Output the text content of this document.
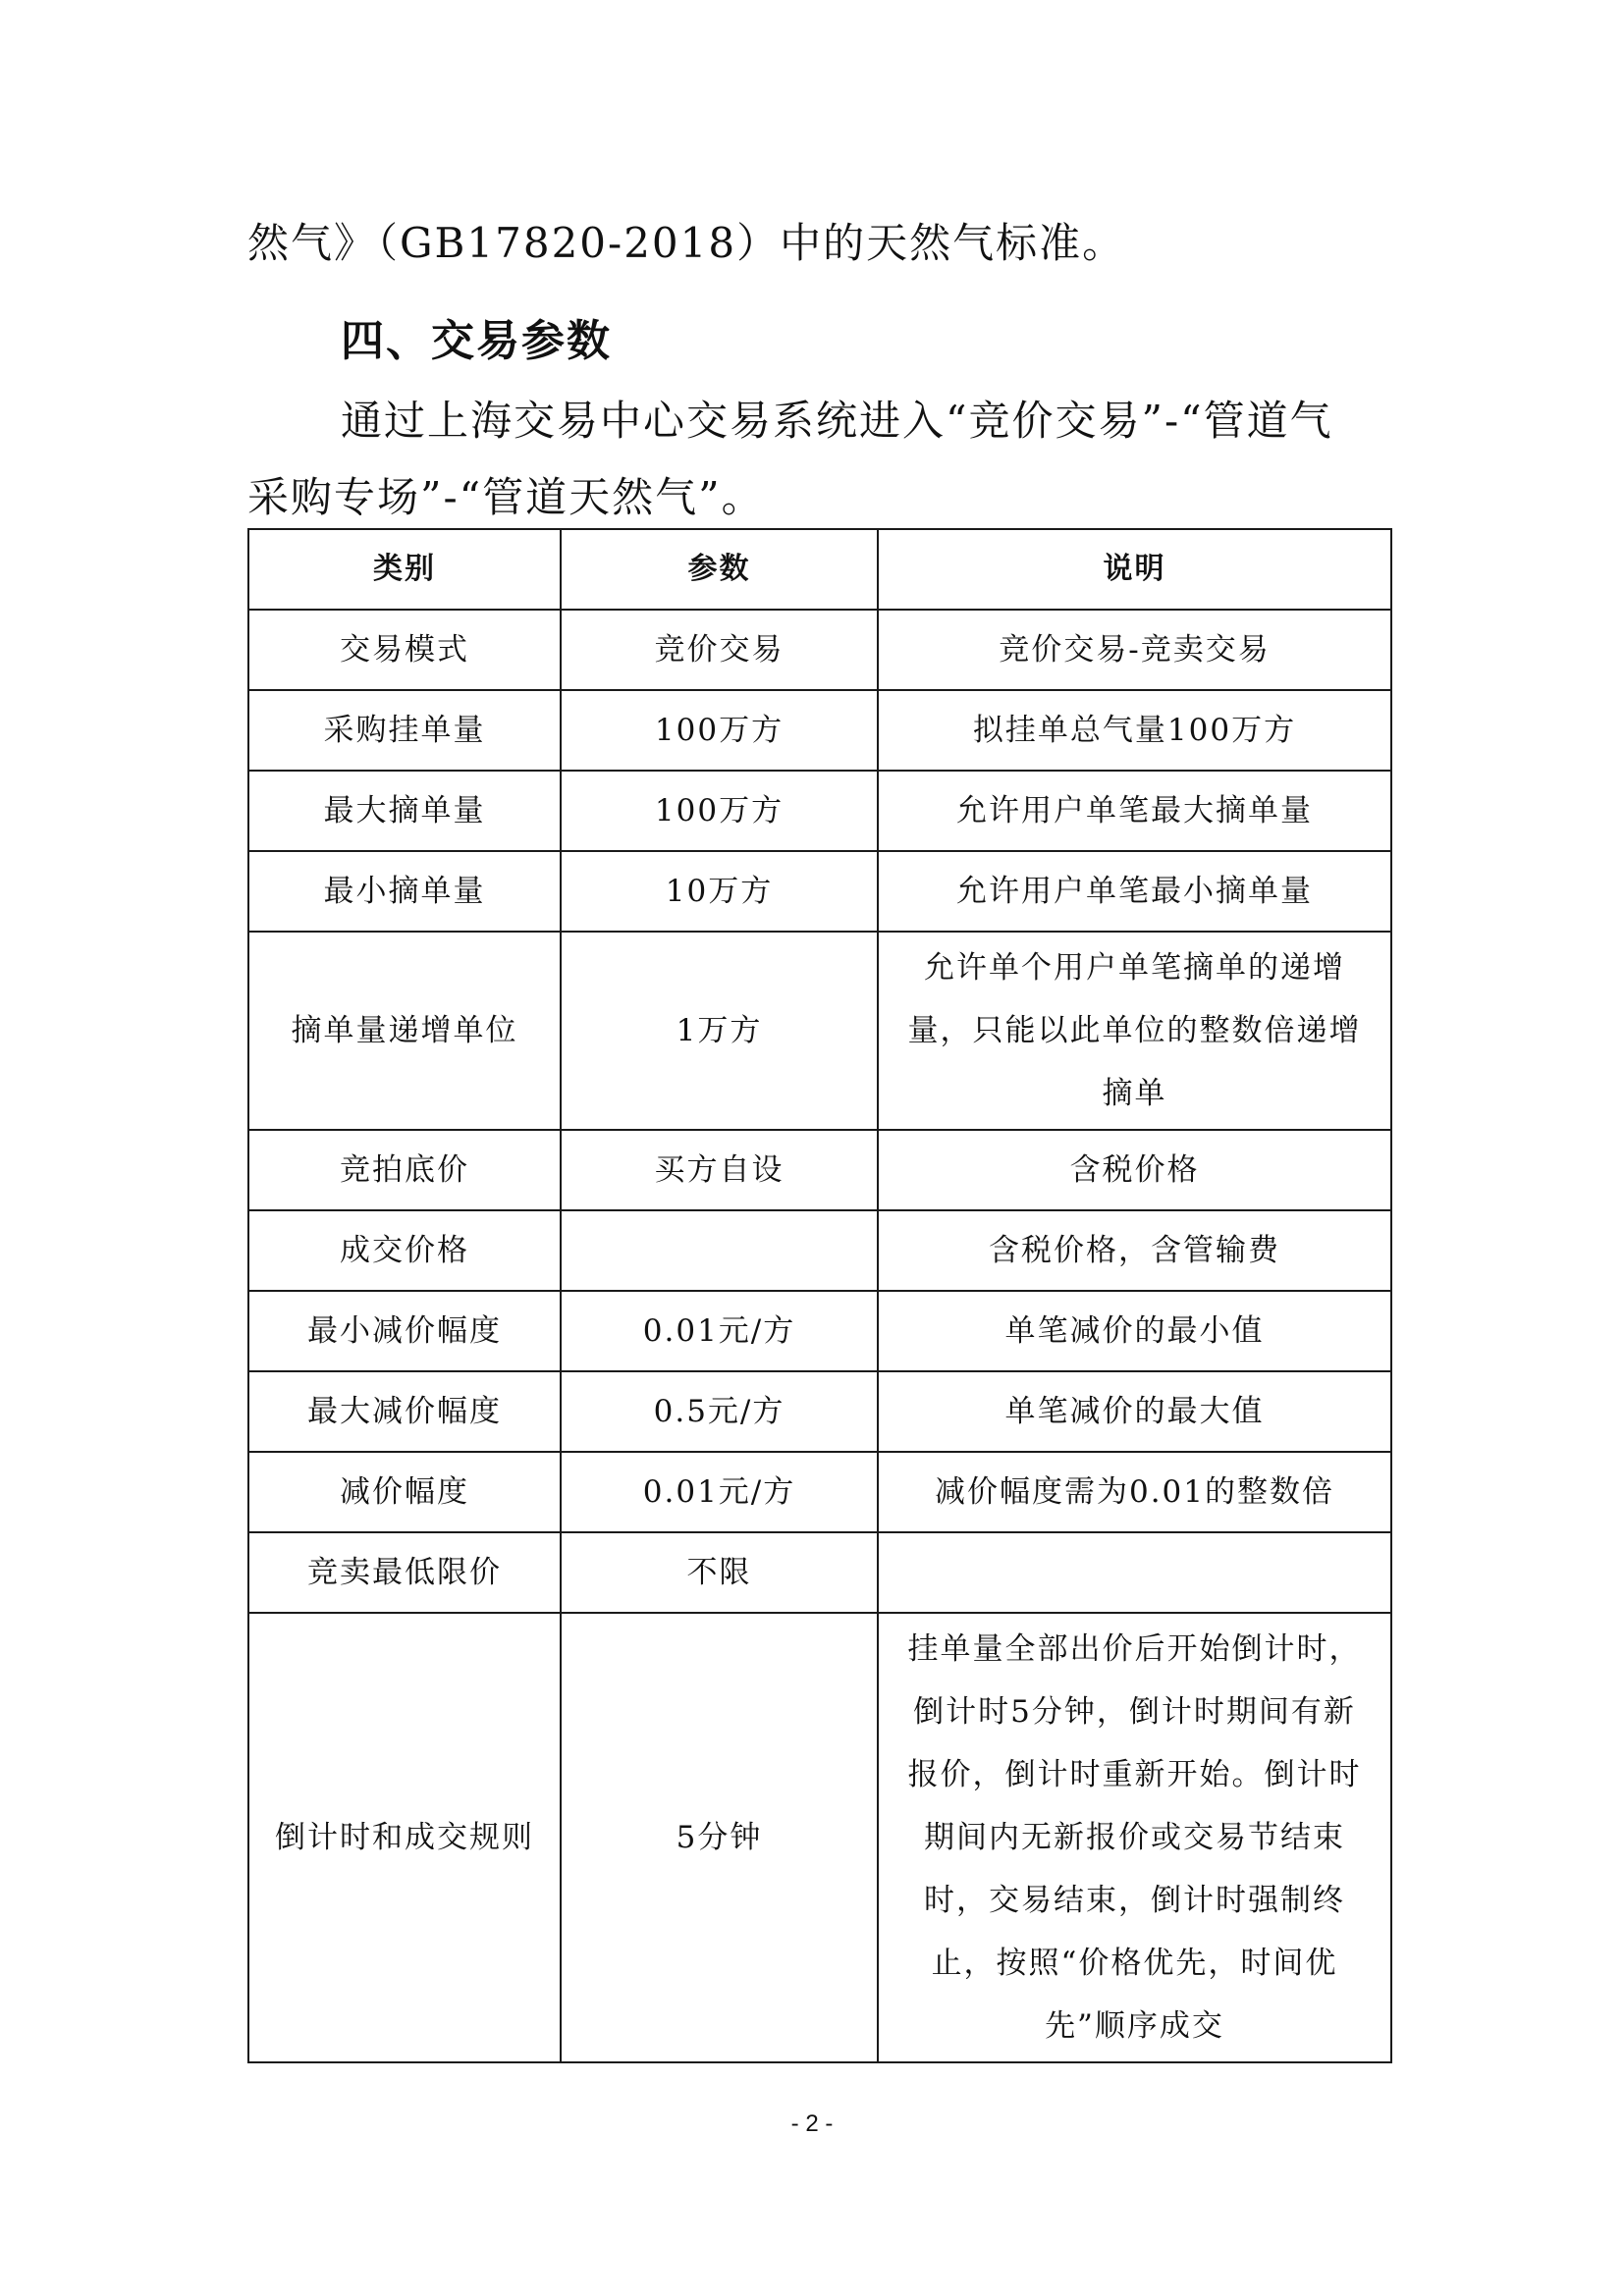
然气》（GB17820-2018）中的天然气标准。
四、交易参数
通过上海交易中心交易系统进入“竞价交易”-“管道气
采购专场”-“管道天然气”。
类别	参数	说明
交易模式	竞价交易	竞价交易-竞卖交易
采购挂单量	100万方	拟挂单总气量100万方
最大摘单量	100万方	允许用户单笔最大摘单量
最小摘单量	10万方	允许用户单笔最小摘单量
摘单量递增单位	1万方	允许单个用户单笔摘单的递增量，只能以此单位的整数倍递增摘单
竞拍底价	买方自设	含税价格
成交价格		含税价格，含管输费
最小减价幅度	0.01元/方	单笔减价的最小值
最大减价幅度	0.5元/方	单笔减价的最大值
减价幅度	0.01元/方	减价幅度需为0.01的整数倍
竞卖最低限价	不限	
倒计时和成交规则	5分钟	挂单量全部出价后开始倒计时，倒计时5分钟，倒计时期间有新报价，倒计时重新开始。倒计时期间内无新报价或交易节结束时，交易结束，倒计时强制终止，按照“价格优先，时间优先”顺序成交
- 2 -
